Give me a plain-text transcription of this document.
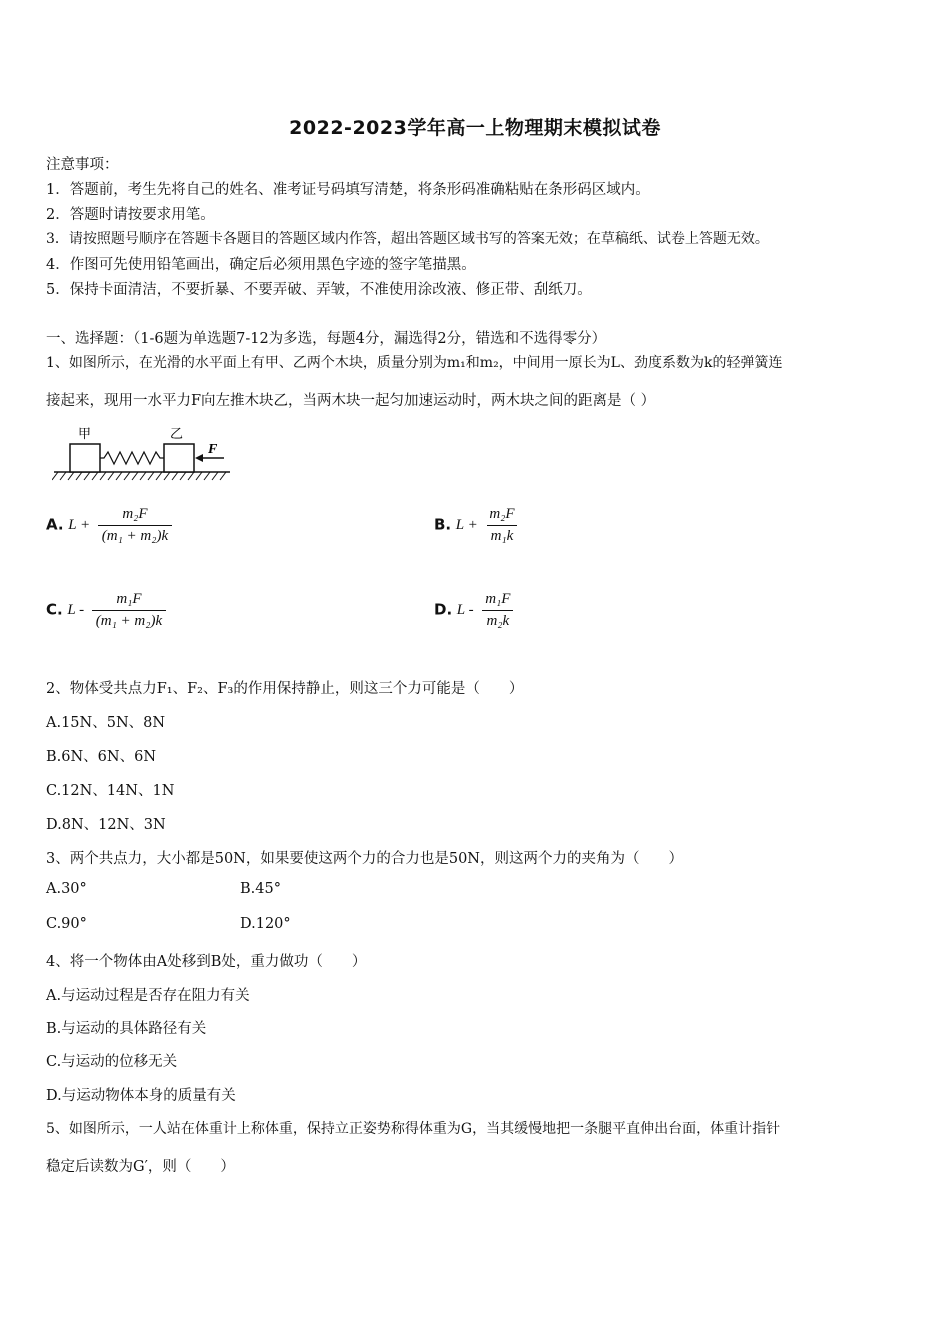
2022-2023学年高一上物理期末模拟试卷
注意事项：
1．答题前，考生先将自己的姓名、准考证号码填写清楚，将条形码准确粘贴在条形码区域内。
2．答题时请按要求用笔。
3．请按照题号顺序在答题卡各题目的答题区域内作答，超出答题区域书写的答案无效；在草稿纸、试卷上答题无效。
4．作图可先使用铅笔画出，确定后必须用黑色字迹的签字笔描黑。
5．保持卡面清洁，不要折暴、不要弄破、弄皱，不准使用涂改液、修正带、刮纸刀。
一、选择题：（1-6题为单选题7-12为多选，每题4分，漏选得2分，错选和不选得零分）
1、如图所示，在光滑的水平面上有甲、乙两个木块，质量分别为m₁和m₂，中间用一原长为L、劲度系数为k的轻弹簧连
接起来，现用一水平力F向左推木块乙，当两木块一起匀加速运动时，两木块之间的距离是（ ）
甲	乙
F
A. $L + \frac{\text{m₂F}}{\text{(m₁ + m₂)k}}$	B. $L + \frac{\text{m₂F}}{\text{m₁k}}$
C. L - $\frac{\text{m₁F}}{\text{(m₁ + m₂)k}}$	D. L - $\frac{\text{m₁F}}{\text{m₂k}}$
2、物体受共点力F₁、F₂、F₃的作用保持静止，则这三个力可能是（　　）
A.15N、5N、8N
B.6N、6N、6N
C.12N、14N、1N
D.8N、12N、3N
3、两个共点力，大小都是50N，如果要使这两个力的合力也是50N，则这两个力的夹角为（　　）
A.30°	B.45°
C.90°	D.120°
4、将一个物体由A处移到B处，重力做功（　　）
A.与运动过程是否存在阻力有关
B.与运动的具体路径有关
C.与运动的位移无关
D.与运动物体本身的质量有关
5、如图所示，一人站在体重计上称体重，保持立正姿势称得体重为G，当其缓慢地把一条腿平直伸出台面，体重计指针
稳定后读数为G′，则（　　）
